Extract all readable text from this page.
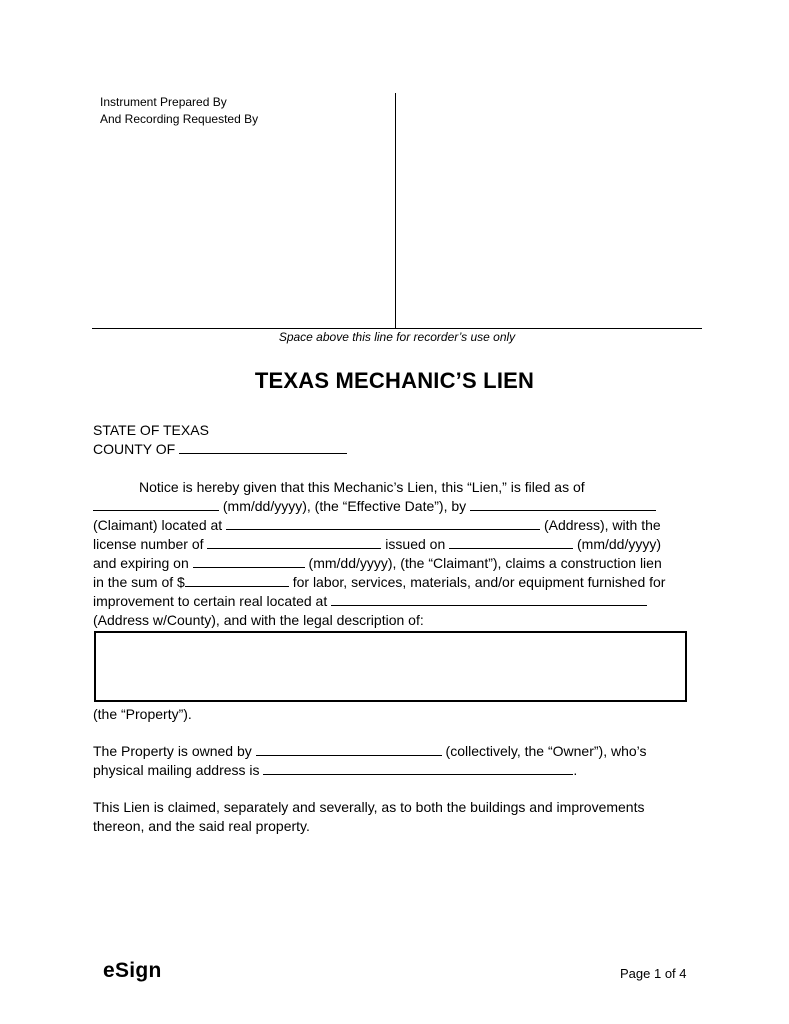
Instrument Prepared By
And Recording Requested By
Space above this line for recorder’s use only
TEXAS MECHANIC’S LIEN
STATE OF TEXAS
COUNTY OF
Notice is hereby given that this Mechanic’s Lien, this “Lien,” is filed as of
(mm/dd/yyyy), (the “Effective Date”), by
(Claimant) located at	(Address), with the
license number of	issued on	(mm/dd/yyyy)
and expiring on	(mm/dd/yyyy), (the “Claimant”), claims a construction lien
in the sum of $	for labor, services, materials, and/or equipment furnished for
improvement to certain real located at
(Address w/County), and with the legal description of:
(the “Property”).
The Property is owned by	(collectively, the “Owner”), who’s
physical mailing address is	.
This Lien is claimed, separately and severally, as to both the buildings and improvements
thereon, and the said real property.
eSign	Page 1 of 4
